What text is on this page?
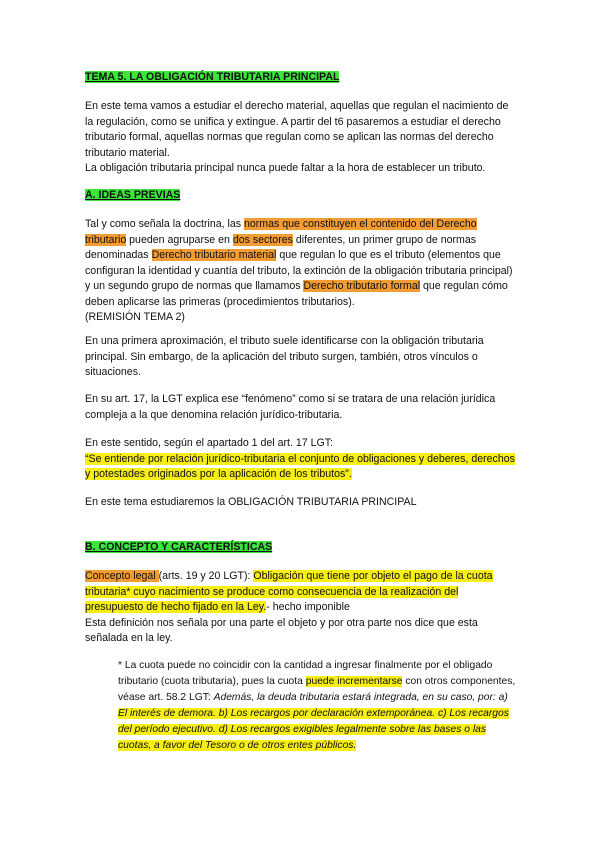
TEMA 5. LA OBLIGACIÓN TRIBUTARIA PRINCIPAL

En este tema vamos a estudiar el derecho material, aquellas que regulan el nacimiento de la regulación, como se unifica y extingue. A partir del t6 pasaremos a estudiar el derecho tributario formal, aquellas normas que regulan como se aplican las normas del derecho tributario material.

La obligación tributaria principal nunca puede faltar a la hora de establecer un tributo.

A. IDEAS PREVIAS

Tal y como señala la doctrina, las normas que constituyen el contenido del Derecho tributario pueden agruparse en dos sectores diferentes, un primer grupo de normas denominadas Derecho tributario material que regulan lo que es el tributo (elementos que configuran la identidad y cuantía del tributo, la extinción de la obligación tributaria principal) y un segundo grupo de normas que llamamos Derecho tributario formal que regulan cómo deben aplicarse las primeras (procedimientos tributarios).

(REMISIÓN TEMA 2)

En una primera aproximación, el tributo suele identificarse con la obligación tributaria principal. Sin embargo, de la aplicación del tributo surgen, también, otros vínculos o situaciones.

En su art. 17, la LGT explica ese “fenómeno” como si se tratara de una relación jurídica compleja a la que denomina relación jurídico-tributaria.

En este sentido, según el apartado 1 del art. 17 LGT:

“Se entiende por relación jurídico-tributaria el conjunto de obligaciones y deberes, derechos y potestades originados por la aplicación de los tributos”.

En este tema estudiaremos la OBLIGACIÓN TRIBUTARIA PRINCIPAL

B. CONCEPTO Y CARACTERÍSTICAS

Concepto legal (arts. 19 y 20 LGT): Obligación que tiene por objeto el pago de la cuota tributaria* cuyo nacimiento se produce como consecuencia de la realización del presupuesto de hecho fijado en la Ley.- hecho imponible

Esta definición nos señala por una parte el objeto y por otra parte nos dice que esta señalada en la ley.

* La cuota puede no coincidir con la cantidad a ingresar finalmente por el obligado tributario (cuota tributaria), pues la cuota puede incrementarse con otros componentes, véase art. 58.2 LGT: Además, la deuda tributaria estará integrada, en su caso, por: a) El interés de demora. b) Los recargos por declaración extemporánea. c) Los recargos del período ejecutivo. d) Los recargos exigibles legalmente sobre las bases o las cuotas, a favor del Tesoro o de otros entes públicos.
